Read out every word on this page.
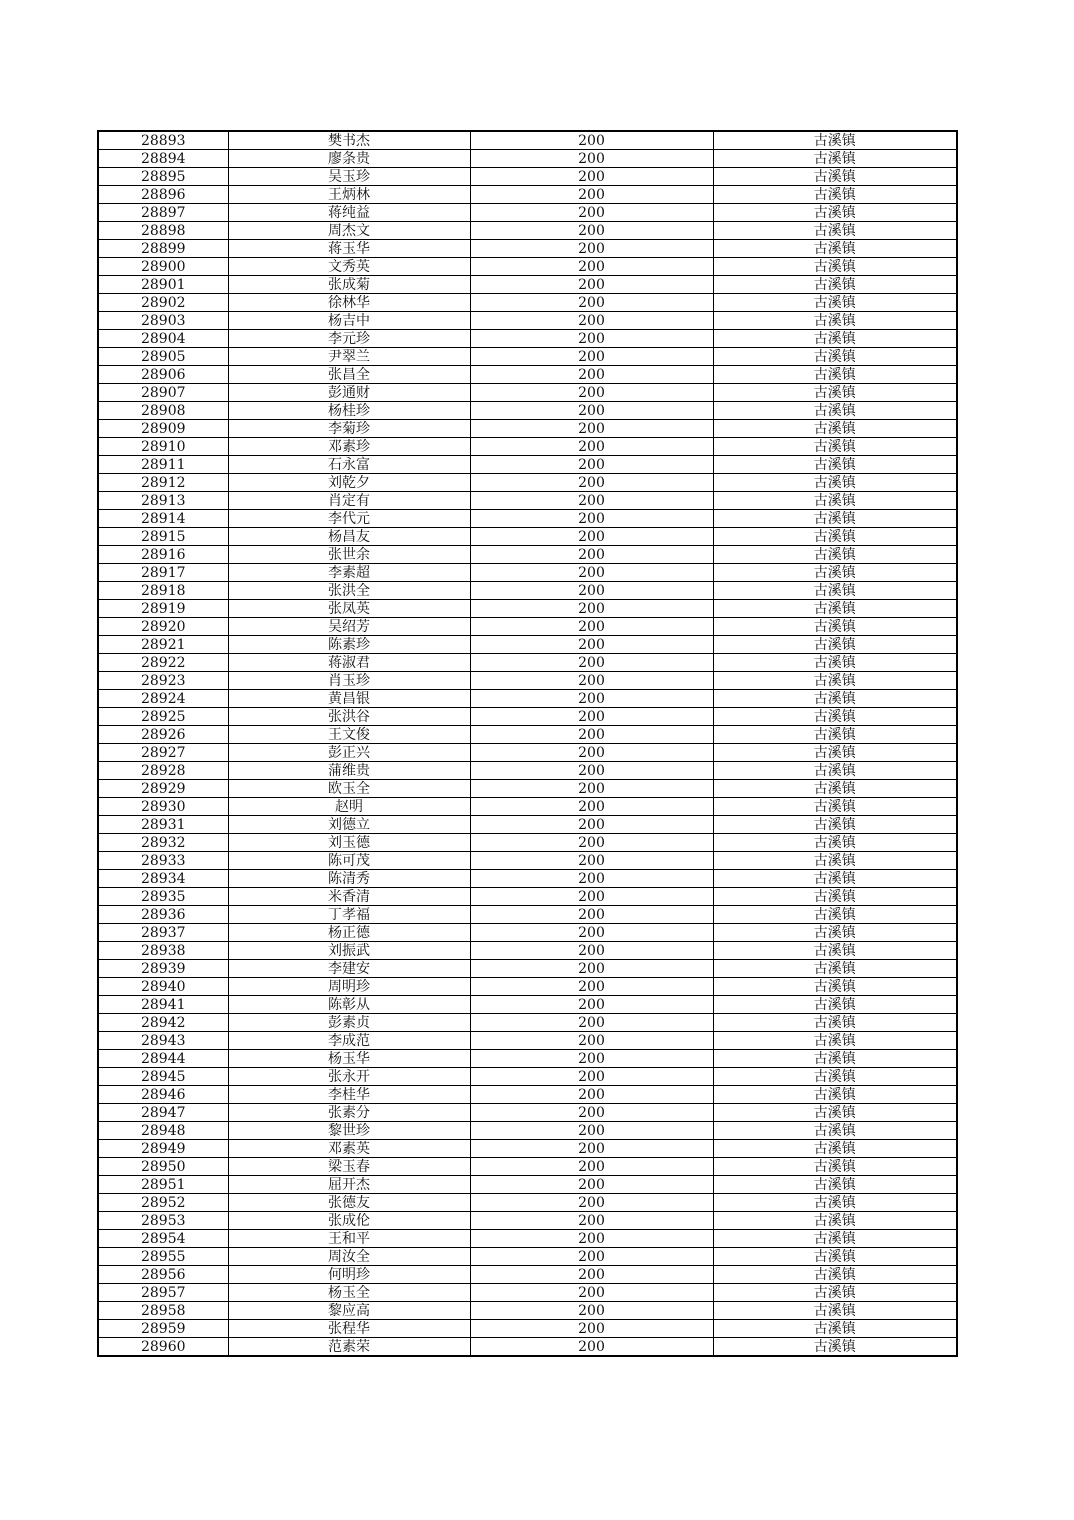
28893	樊书杰	200	古溪镇
28894	廖条贵	200	古溪镇
28895	吴玉珍	200	古溪镇
28896	王炳林	200	古溪镇
28897	蒋纯益	200	古溪镇
28898	周杰文	200	古溪镇
28899	蒋玉华	200	古溪镇
28900	文秀英	200	古溪镇
28901	张成菊	200	古溪镇
28902	徐林华	200	古溪镇
28903	杨吉中	200	古溪镇
28904	李元珍	200	古溪镇
28905	尹翠兰	200	古溪镇
28906	张昌全	200	古溪镇
28907	彭通财	200	古溪镇
28908	杨桂珍	200	古溪镇
28909	李菊珍	200	古溪镇
28910	邓素珍	200	古溪镇
28911	石永富	200	古溪镇
28912	刘乾夕	200	古溪镇
28913	肖定有	200	古溪镇
28914	李代元	200	古溪镇
28915	杨昌友	200	古溪镇
28916	张世余	200	古溪镇
28917	李素超	200	古溪镇
28918	张洪全	200	古溪镇
28919	张凤英	200	古溪镇
28920	吴绍芳	200	古溪镇
28921	陈素珍	200	古溪镇
28922	蒋淑君	200	古溪镇
28923	肖玉珍	200	古溪镇
28924	黄昌银	200	古溪镇
28925	张洪谷	200	古溪镇
28926	王文俊	200	古溪镇
28927	彭正兴	200	古溪镇
28928	蒲维贵	200	古溪镇
28929	欧玉全	200	古溪镇
28930	赵明	200	古溪镇
28931	刘德立	200	古溪镇
28932	刘玉德	200	古溪镇
28933	陈可茂	200	古溪镇
28934	陈清秀	200	古溪镇
28935	米香清	200	古溪镇
28936	丁孝福	200	古溪镇
28937	杨正德	200	古溪镇
28938	刘振武	200	古溪镇
28939	李建安	200	古溪镇
28940	周明珍	200	古溪镇
28941	陈彰从	200	古溪镇
28942	彭素贞	200	古溪镇
28943	李成范	200	古溪镇
28944	杨玉华	200	古溪镇
28945	张永开	200	古溪镇
28946	李桂华	200	古溪镇
28947	张素分	200	古溪镇
28948	黎世珍	200	古溪镇
28949	邓素英	200	古溪镇
28950	梁玉春	200	古溪镇
28951	屈开杰	200	古溪镇
28952	张德友	200	古溪镇
28953	张成伦	200	古溪镇
28954	王和平	200	古溪镇
28955	周汝全	200	古溪镇
28956	何明珍	200	古溪镇
28957	杨玉全	200	古溪镇
28958	黎应高	200	古溪镇
28959	张程华	200	古溪镇
28960	范素荣	200	古溪镇
